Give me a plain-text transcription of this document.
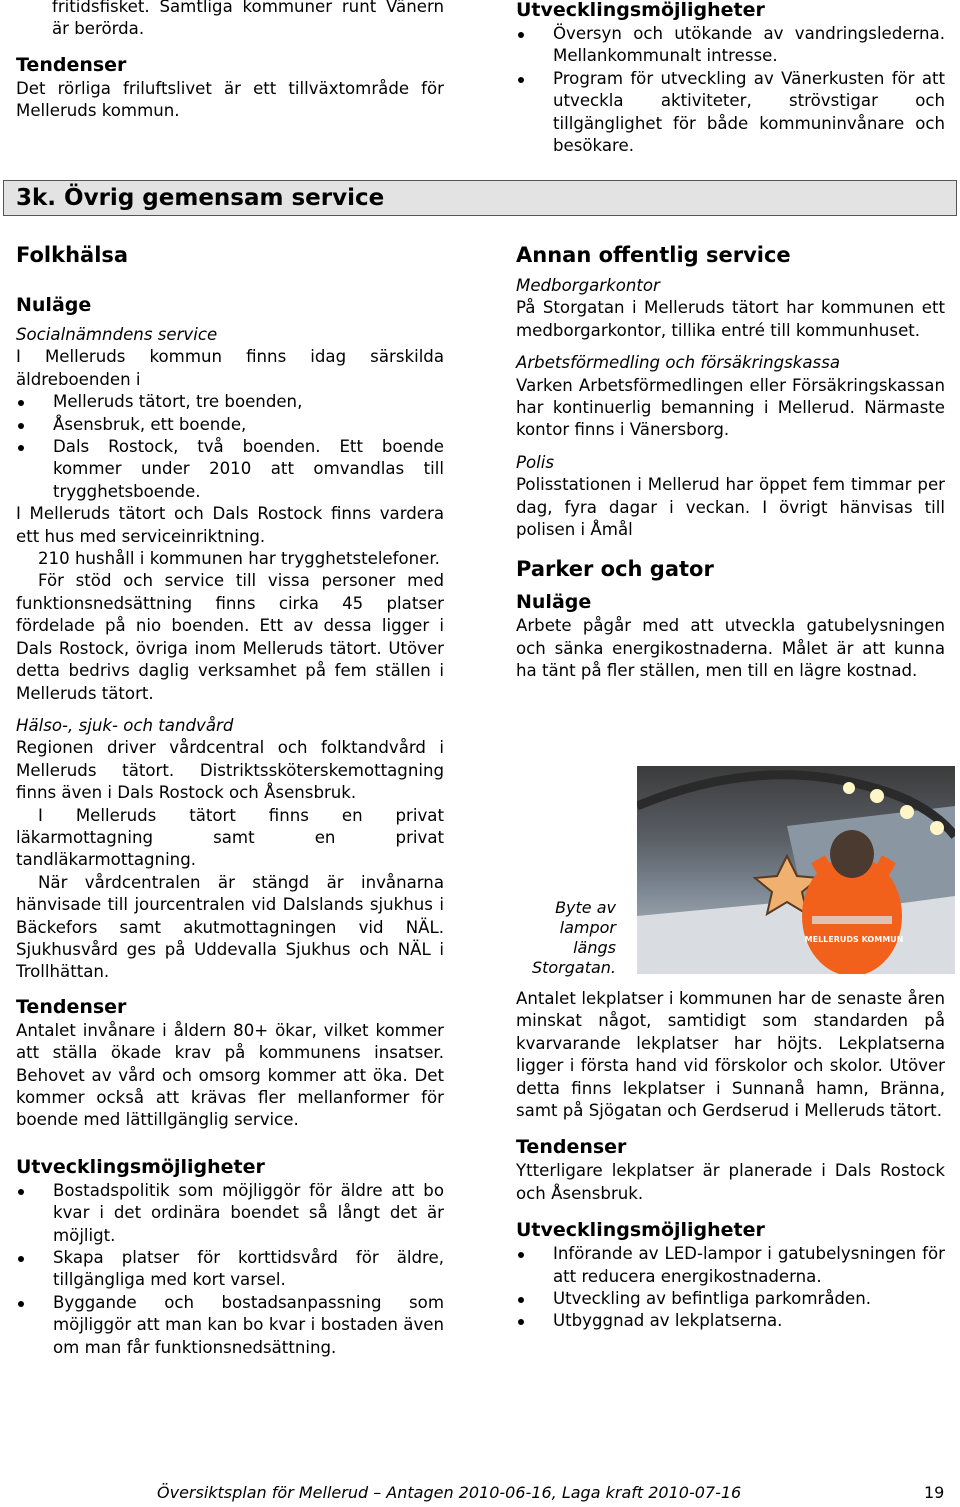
fritidsfisket. Samtliga kommuner runt Vänern är berörda.

Tendenser

Det rörliga friluftslivet är ett tillväxtområde för Melleruds kommun.

Utvecklingsmöjligheter
Översyn och utökande av vandringslederna. Mellankommunalt intresse.
Program för utveckling av Vänerkusten för att utveckla aktiviteter, strövstigar och tillgänglighet för både kommuninvånare och besökare.
3k. Övrig gemensam service
Folkhälsa
Nuläge

Socialnämndens service

I Melleruds kommun finns idag särskilda äldreboenden i

Melleruds tätort, tre boenden,
Åsensbruk, ett boende,
Dals Rostock, två boenden. Ett boende kommer under 2010 att omvandlas till trygghetsboende.

I Melleruds tätort och Dals Rostock finns vardera ett hus med serviceinriktning.

210 hushåll i kommunen har trygghetstelefoner.

För stöd och service till vissa personer med funktionsnedsättning finns cirka 45 platser fördelade på nio boenden. Ett av dessa ligger i Dals Rostock, övriga inom Melleruds tätort. Utöver detta bedrivs daglig verksamhet på fem ställen i Melleruds tätort.

Hälso-, sjuk- och tandvård

Regionen driver vårdcentral och folktandvård i Melleruds tätort. Distriktssköterskemottagning finns även i Dals Rostock och Åsensbruk.

I Melleruds tätort finns en privat läkarmottagning samt en privat tandläkarmottagning.

När vårdcentralen är stängd är invånarna hänvisade till jourcentralen vid Dalslands sjukhus i Bäckefors samt akutmottagningen vid NÄL. Sjukhusvård ges på Uddevalla Sjukhus och NÄL i Trollhättan.

Tendenser

Antalet invånare i åldern 80+ ökar, vilket kommer att ställa ökade krav på kommunens insatser. Behovet av vård och omsorg kommer att öka. Det kommer också att krävas fler mellanformer för boende med lättillgänglig service.

Utvecklingsmöjligheter
Bostadspolitik som möjliggör för äldre att bo kvar i det ordinära boendet så långt det är möjligt.
Skapa platser för korttidsvård för äldre, tillgängliga med kort varsel.
Byggande och bostadsanpassning som möjliggör att man kan bo kvar i bostaden även om man får funktionsnedsättning.
Annan offentlig service

Medborgarkontor

På Storgatan i Melleruds tätort har kommunen ett medborgarkontor, tillika entré till kommunhuset.

Arbetsförmedling och försäkringskassa

Varken Arbetsförmedlingen eller Försäkringskassan har kontinuerlig bemanning i Mellerud. Närmaste kontor finns i Vänersborg.

Polis

Polisstationen i Mellerud har öppet fem timmar per dag, fyra dagar i veckan. I övrigt hänvisas till polisen i Åmål

Parker och gator
Nuläge

Arbete pågår med att utveckla gatubelysningen och sänka energikostnaderna. Målet är att kunna ha tänt på fler ställen, men till en lägre kostnad.

MELLERUDS KOMMUN
Byte av lampor längs Storgatan.

Antalet lekplatser i kommunen har de senaste åren minskat något, samtidigt som standarden på kvarvarande lekplatser har höjts. Lekplatserna ligger i första hand vid förskolor och skolor. Utöver detta finns lekplatser i Sunnanå hamn, Bränna, samt på Sjögatan och Gerdserud i Melleruds tätort.

Tendenser

Ytterligare lekplatser är planerade i Dals Rostock och Åsensbruk.

Utvecklingsmöjligheter
Införande av LED-lampor i gatubelysningen för att reducera energikostnaderna.
Utveckling av befintliga parkområden.
Utbyggnad av lekplatserna.
Översiktsplan för Mellerud – Antagen 2010-06-16, Laga kraft 2010-07-16	19
